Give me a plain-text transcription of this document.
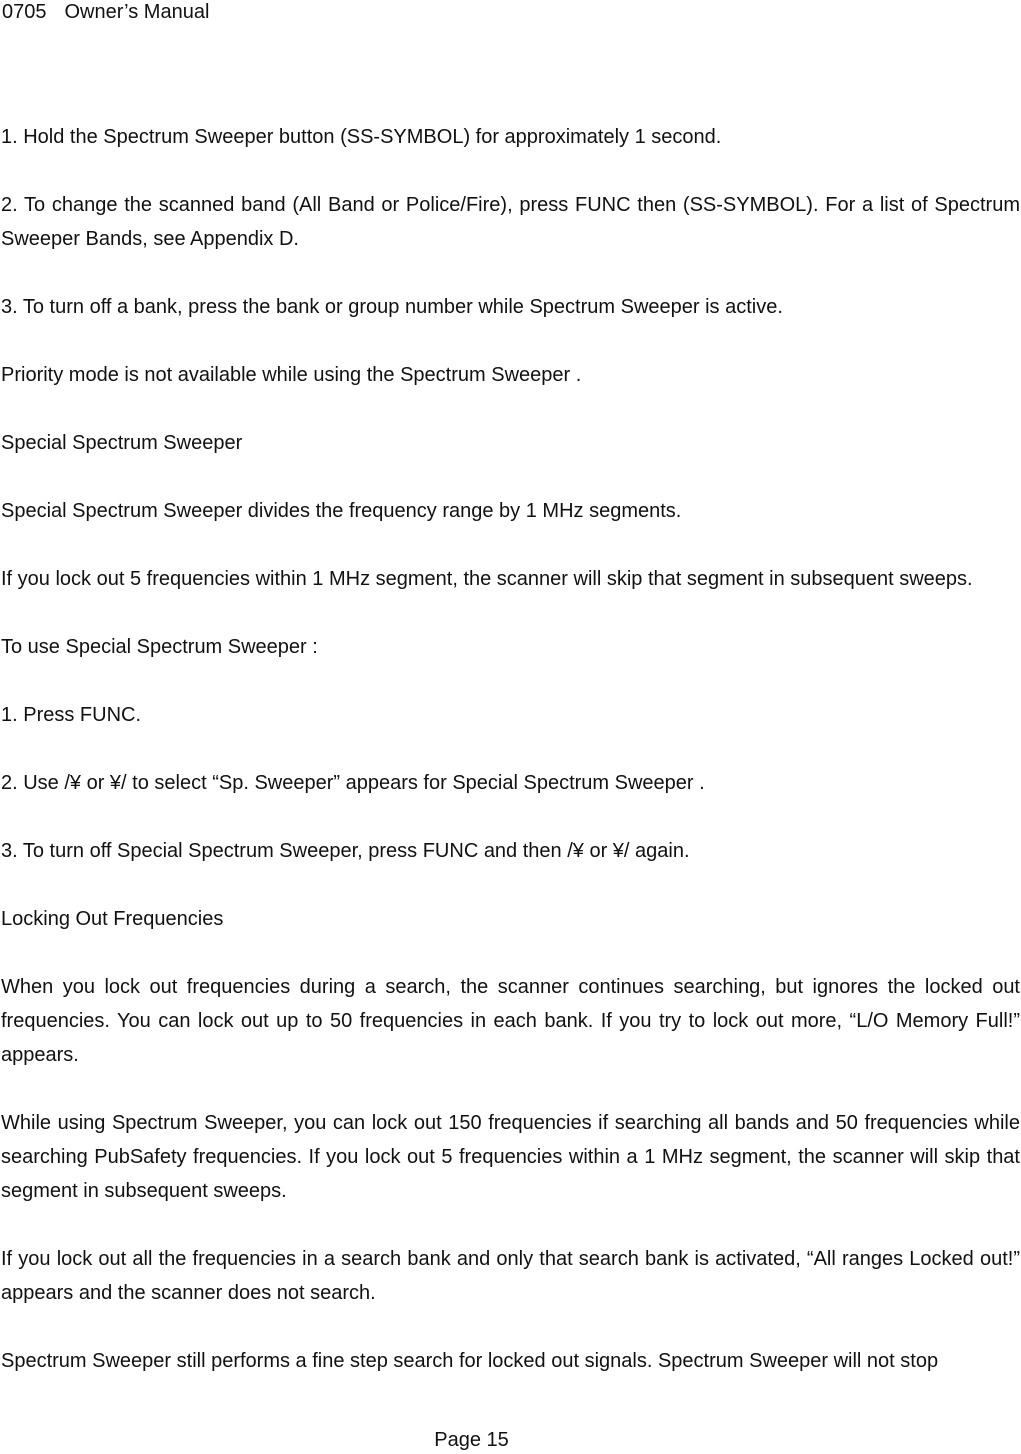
0705 Owner’s Manual

1. Hold the Spectrum Sweeper button (SS-SYMBOL) for approximately 1 second.

2. To change the scanned band (All Band or Police/Fire), press FUNC then (SS-SYMBOL). For a list of Spectrum Sweeper Bands, see Appendix D.

3. To turn off a bank, press the bank or group number while Spectrum Sweeper is active.

Priority mode is not available while using the Spectrum Sweeper .

Special Spectrum Sweeper

Special Spectrum Sweeper divides the frequency range by 1 MHz segments.

If you lock out 5 frequencies within 1 MHz segment, the scanner will skip that segment in subsequent sweeps.

To use Special Spectrum Sweeper :

1. Press FUNC.

2. Use /¥ or ¥/ to select “Sp. Sweeper” appears for Special Spectrum Sweeper .

3. To turn off Special Spectrum Sweeper, press FUNC and then /¥ or ¥/ again.

Locking Out Frequencies

When you lock out frequencies during a search, the scanner continues searching, but ignores the locked out frequencies. You can lock out up to 50 frequencies in each bank. If you try to lock out more, “L/O Memory Full!” appears.

While using Spectrum Sweeper, you can lock out 150 frequencies if searching all bands and 50 frequencies while searching PubSafety frequencies. If you lock out 5 frequencies within a 1 MHz segment, the scanner will skip that segment in subsequent sweeps.

If you lock out all the frequencies in a search bank and only that search bank is activated, “All ranges Locked out!” appears and the scanner does not search.

Spectrum Sweeper still performs a fine step search for locked out signals. Spectrum Sweeper will not stop

Page 15
